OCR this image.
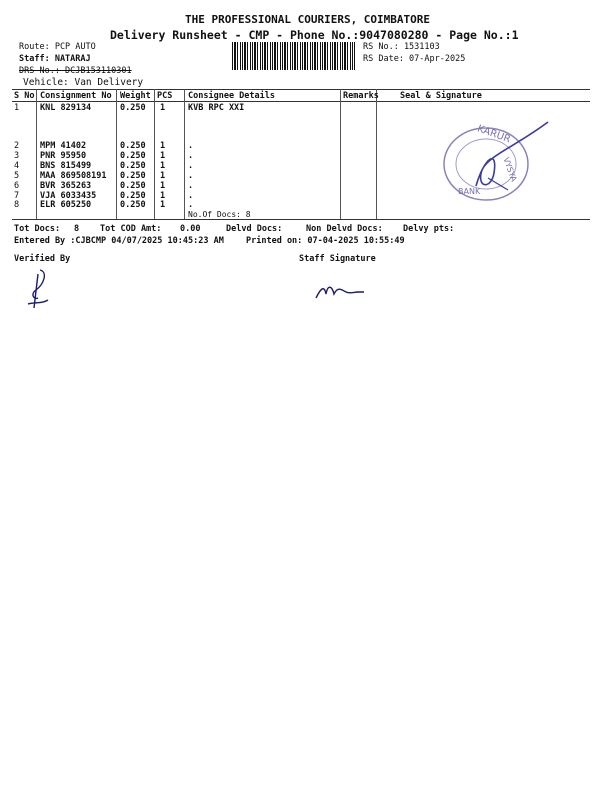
THE PROFESSIONAL COURIERS, COIMBATORE
Delivery Runsheet - CMP - Phone No.:9047080280 - Page No.:1
Route: PCP AUTO
Staff: NATARAJ
DRS No.: DCJB153110301
Vehicle: Van Delivery
RS No.: 1531103
RS Date: 07-Apr-2025
S No Consignment No Weight PCS Consignee Details	Remarks Seal & Signature
1 KNL 829134	0.250 1	KVB RPC XXI
2 MPM 41402	0.250 1	.
3 PNR 95950	0.250 1	.
4 BNS 815499	0.250 1	.
5 MAA 869508191 0.250 1	.
6 BVR 365263	0.250 1	.
7 VJA 6033435	0.250 1	.
8 ELR 605250	0.250 1	.
No.Of Docs: 8
KARUR
VYSYA
BANK
Tot Docs: 8 Tot COD Amt: 0.00	Delvd Docs:	Non Delvd Docs: Delvy pts:
Entered By :CJBCMP 04/07/2025 10:45:23 AM	Printed on: 07-04-2025 10:55:49
Verified By	Staff Signature
